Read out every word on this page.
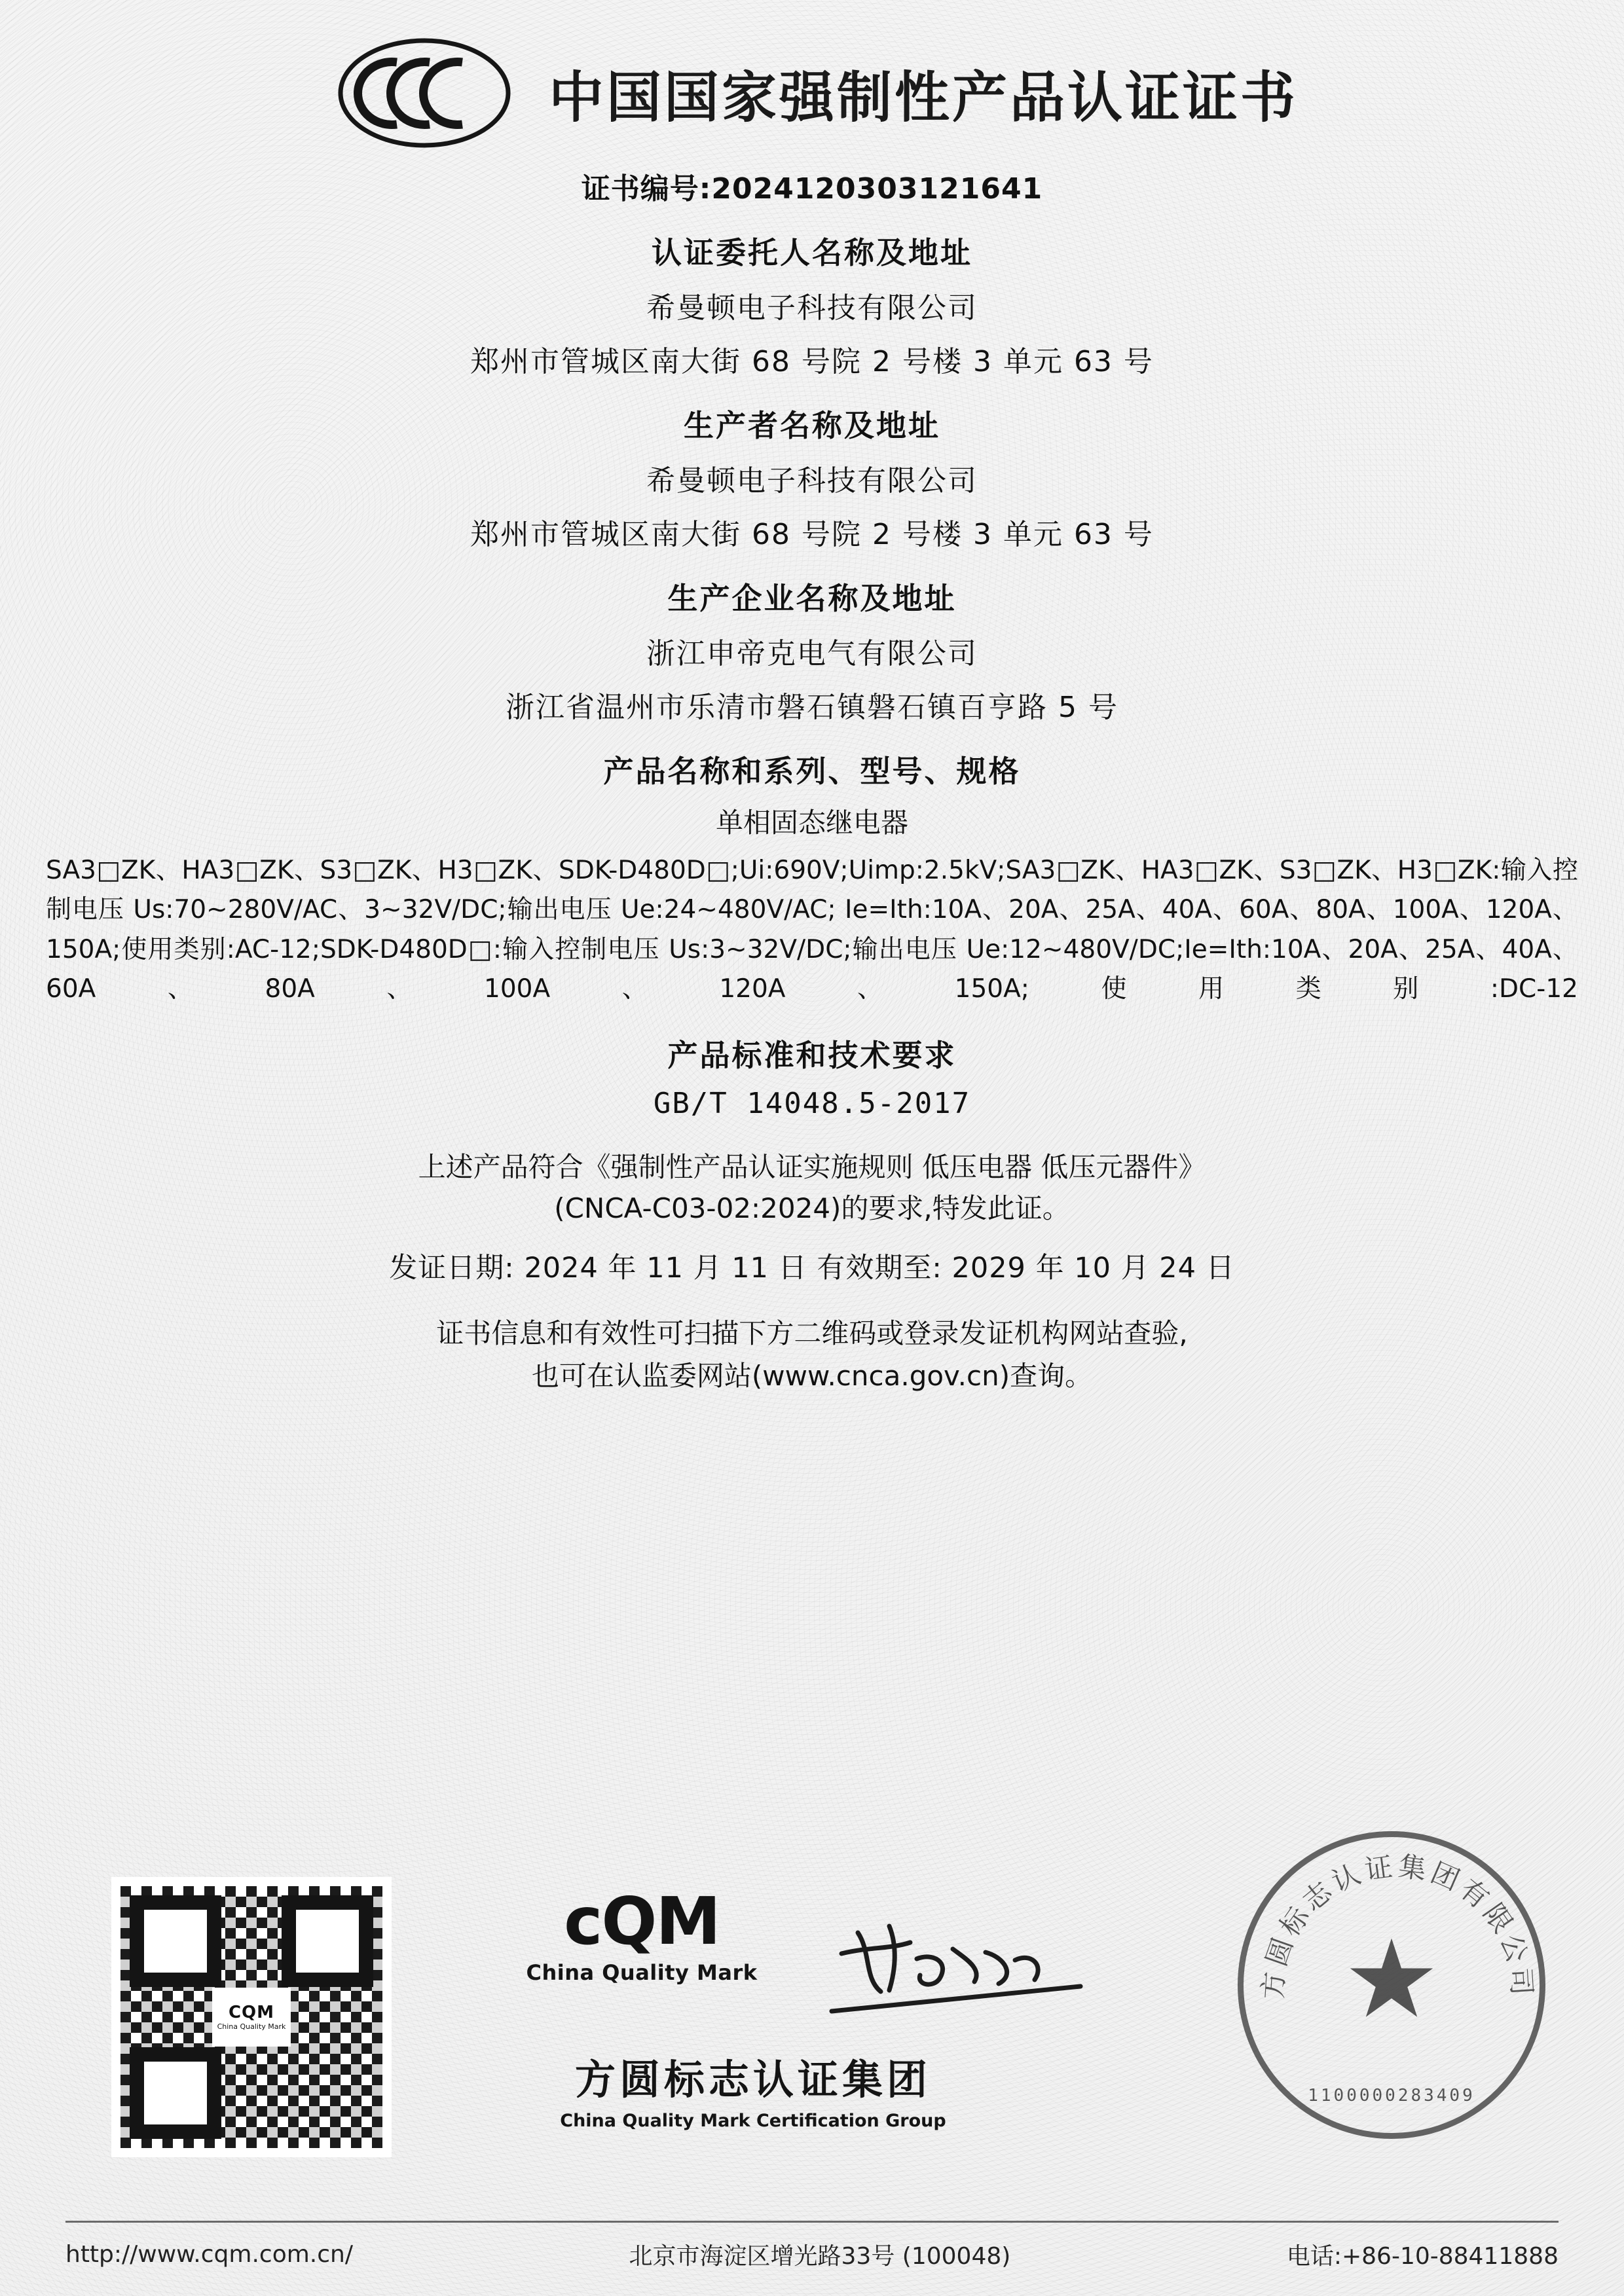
中国国家强制性产品认证证书
证书编号:2024120303121641
认证委托人名称及地址
希曼顿电子科技有限公司
郑州市管城区南大街 68 号院 2 号楼 3 单元 63 号
生产者名称及地址
希曼顿电子科技有限公司
郑州市管城区南大街 68 号院 2 号楼 3 单元 63 号
生产企业名称及地址
浙江申帝克电气有限公司
浙江省温州市乐清市磐石镇磐石镇百亨路 5 号
产品名称和系列、型号、规格
单相固态继电器
SA3□ZK、HA3□ZK、S3□ZK、H3□ZK、SDK-D480D□;Ui:690V;Uimp:2.5kV;SA3□ZK、HA3□ZK、S3□ZK、H3□ZK:输入控制电压 Us:70~280V/AC、3~32V/DC;输出电压 Ue:24~480V/AC; Ie=Ith:10A、20A、25A、40A、60A、80A、100A、120A、150A;使用类别:AC-12;SDK-D480D□:输入控制电压 Us:3~32V/DC;输出电压 Ue:12~480V/DC;Ie=Ith:10A、20A、25A、40A、60A、80A、100A、120A、150A;使用类别:DC-12
产品标准和技术要求
GB/T 14048.5-2017
上述产品符合《强制性产品认证实施规则 低压电器 低压元器件》
(CNCA-C03-02:2024)的要求,特发此证。
发证日期: 2024 年 11 月 11 日 有效期至: 2029 年 10 月 24 日
证书信息和有效性可扫描下方二维码或登录发证机构网站查验,
也可在认监委网站(www.cnca.gov.cn)查询。
CQM
China Quality Mark
cQM
China Quality Mark
方圆标志认证集团
China Quality Mark Certification Group
★
方圆标志认证集团有限公司
1100000283409
http://www.cqm.com.cn/	北京市海淀区增光路33号 (100048)	电话:+86-10-88411888
